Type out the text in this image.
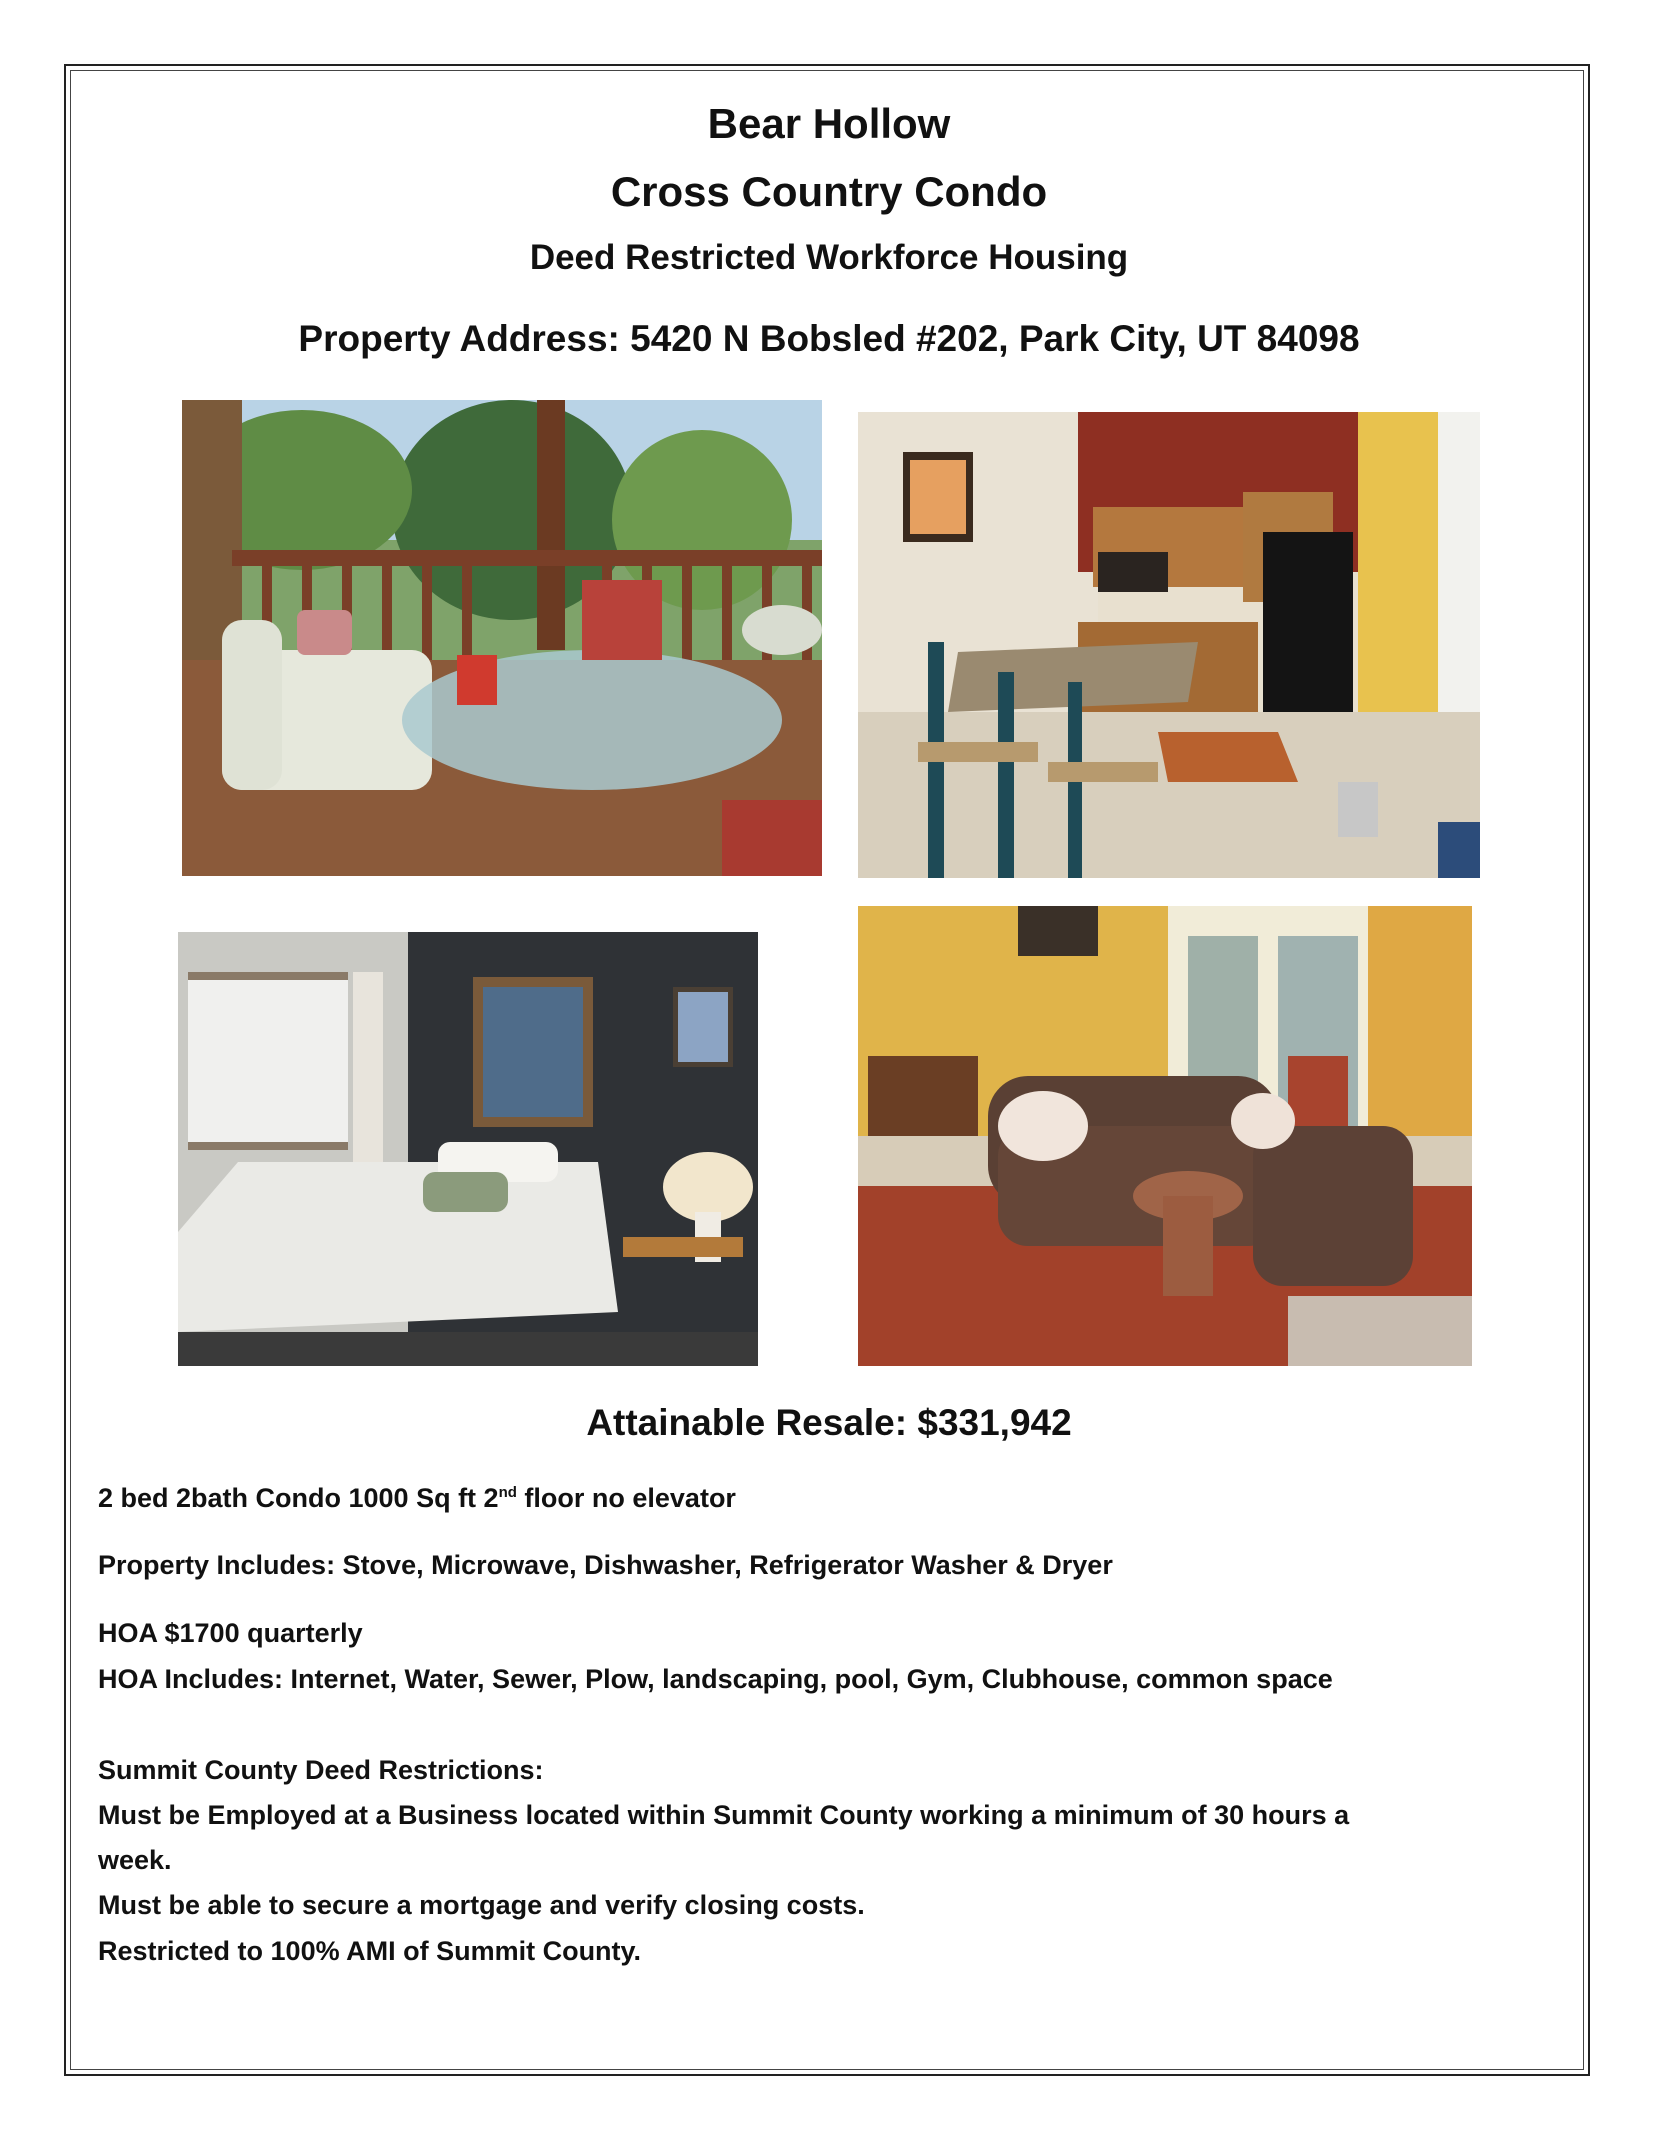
Bear Hollow
Cross Country Condo
Deed Restricted Workforce Housing
Property Address: 5420 N Bobsled #202, Park City, UT 84098
Attainable Resale: $331,942
2 bed 2bath Condo 1000 Sq ft 2nd floor no elevator
Property Includes: Stove, Microwave, Dishwasher, Refrigerator Washer & Dryer
HOA $1700 quarterly
HOA Includes: Internet, Water, Sewer, Plow, landscaping, pool, Gym, Clubhouse, common space
Summit County Deed Restrictions:
Must be Employed at a Business located within Summit County working a minimum of 30 hours a
week.
Must be able to secure a mortgage and verify closing costs.
Restricted to 100% AMI of Summit County.
